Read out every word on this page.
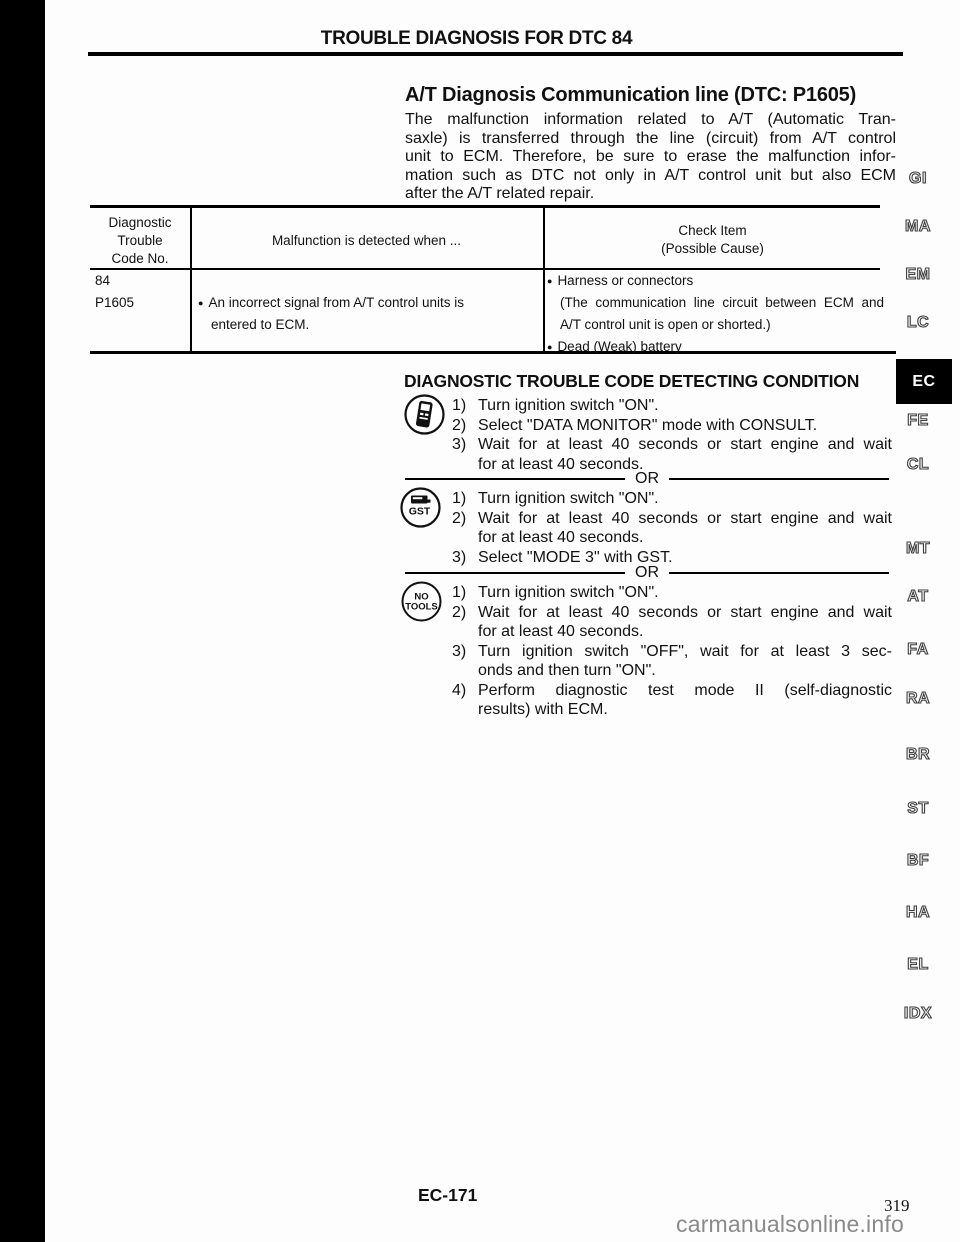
TROUBLE DIAGNOSIS FOR DTC 84
A/T Diagnosis Communication line (DTC: P1605)
The malfunction information related to A/T (Automatic Tran-
saxle) is transferred through the line (circuit) from A/T control
unit to ECM. Therefore, be sure to erase the malfunction infor-
mation such as DTC not only in A/T control unit but also ECM
after the A/T related repair.
Diagnostic
Trouble
Code No.
Malfunction is detected when ...
Check Item
(Possible Cause)
84
P1605	● An incorrect signal from A/T control units is
entered to ECM.
● Harness or connectors
(The communication line circuit between ECM and
A/T control unit is open or shorted.)
● Dead (Weak) battery
DIAGNOSTIC TROUBLE CODE DETECTING CONDITION
1) Turn ignition switch "ON".
2) Select "DATA MONITOR" mode with CONSULT.
3) Wait for at least 40 seconds or start engine and wait
for at least 40 seconds.
OR
GST
1) Turn ignition switch "ON".
2) Wait for at least 40 seconds or start engine and wait
for at least 40 seconds.
3) Select "MODE 3" with GST.
OR
NO
TOOLS
1) Turn ignition switch "ON".
2) Wait for at least 40 seconds or start engine and wait
for at least 40 seconds.
3) Turn ignition switch "OFF", wait for at least 3 sec-
onds and then turn "ON".
4) Perform diagnostic test mode II (self-diagnostic
results) with ECM.
GI
MA
EM
LC
EC
FE
CL
MT
AT
FA
RA
BR
ST
BF
HA
EL
IDX
EC-171
319
carmanualsonline.info
